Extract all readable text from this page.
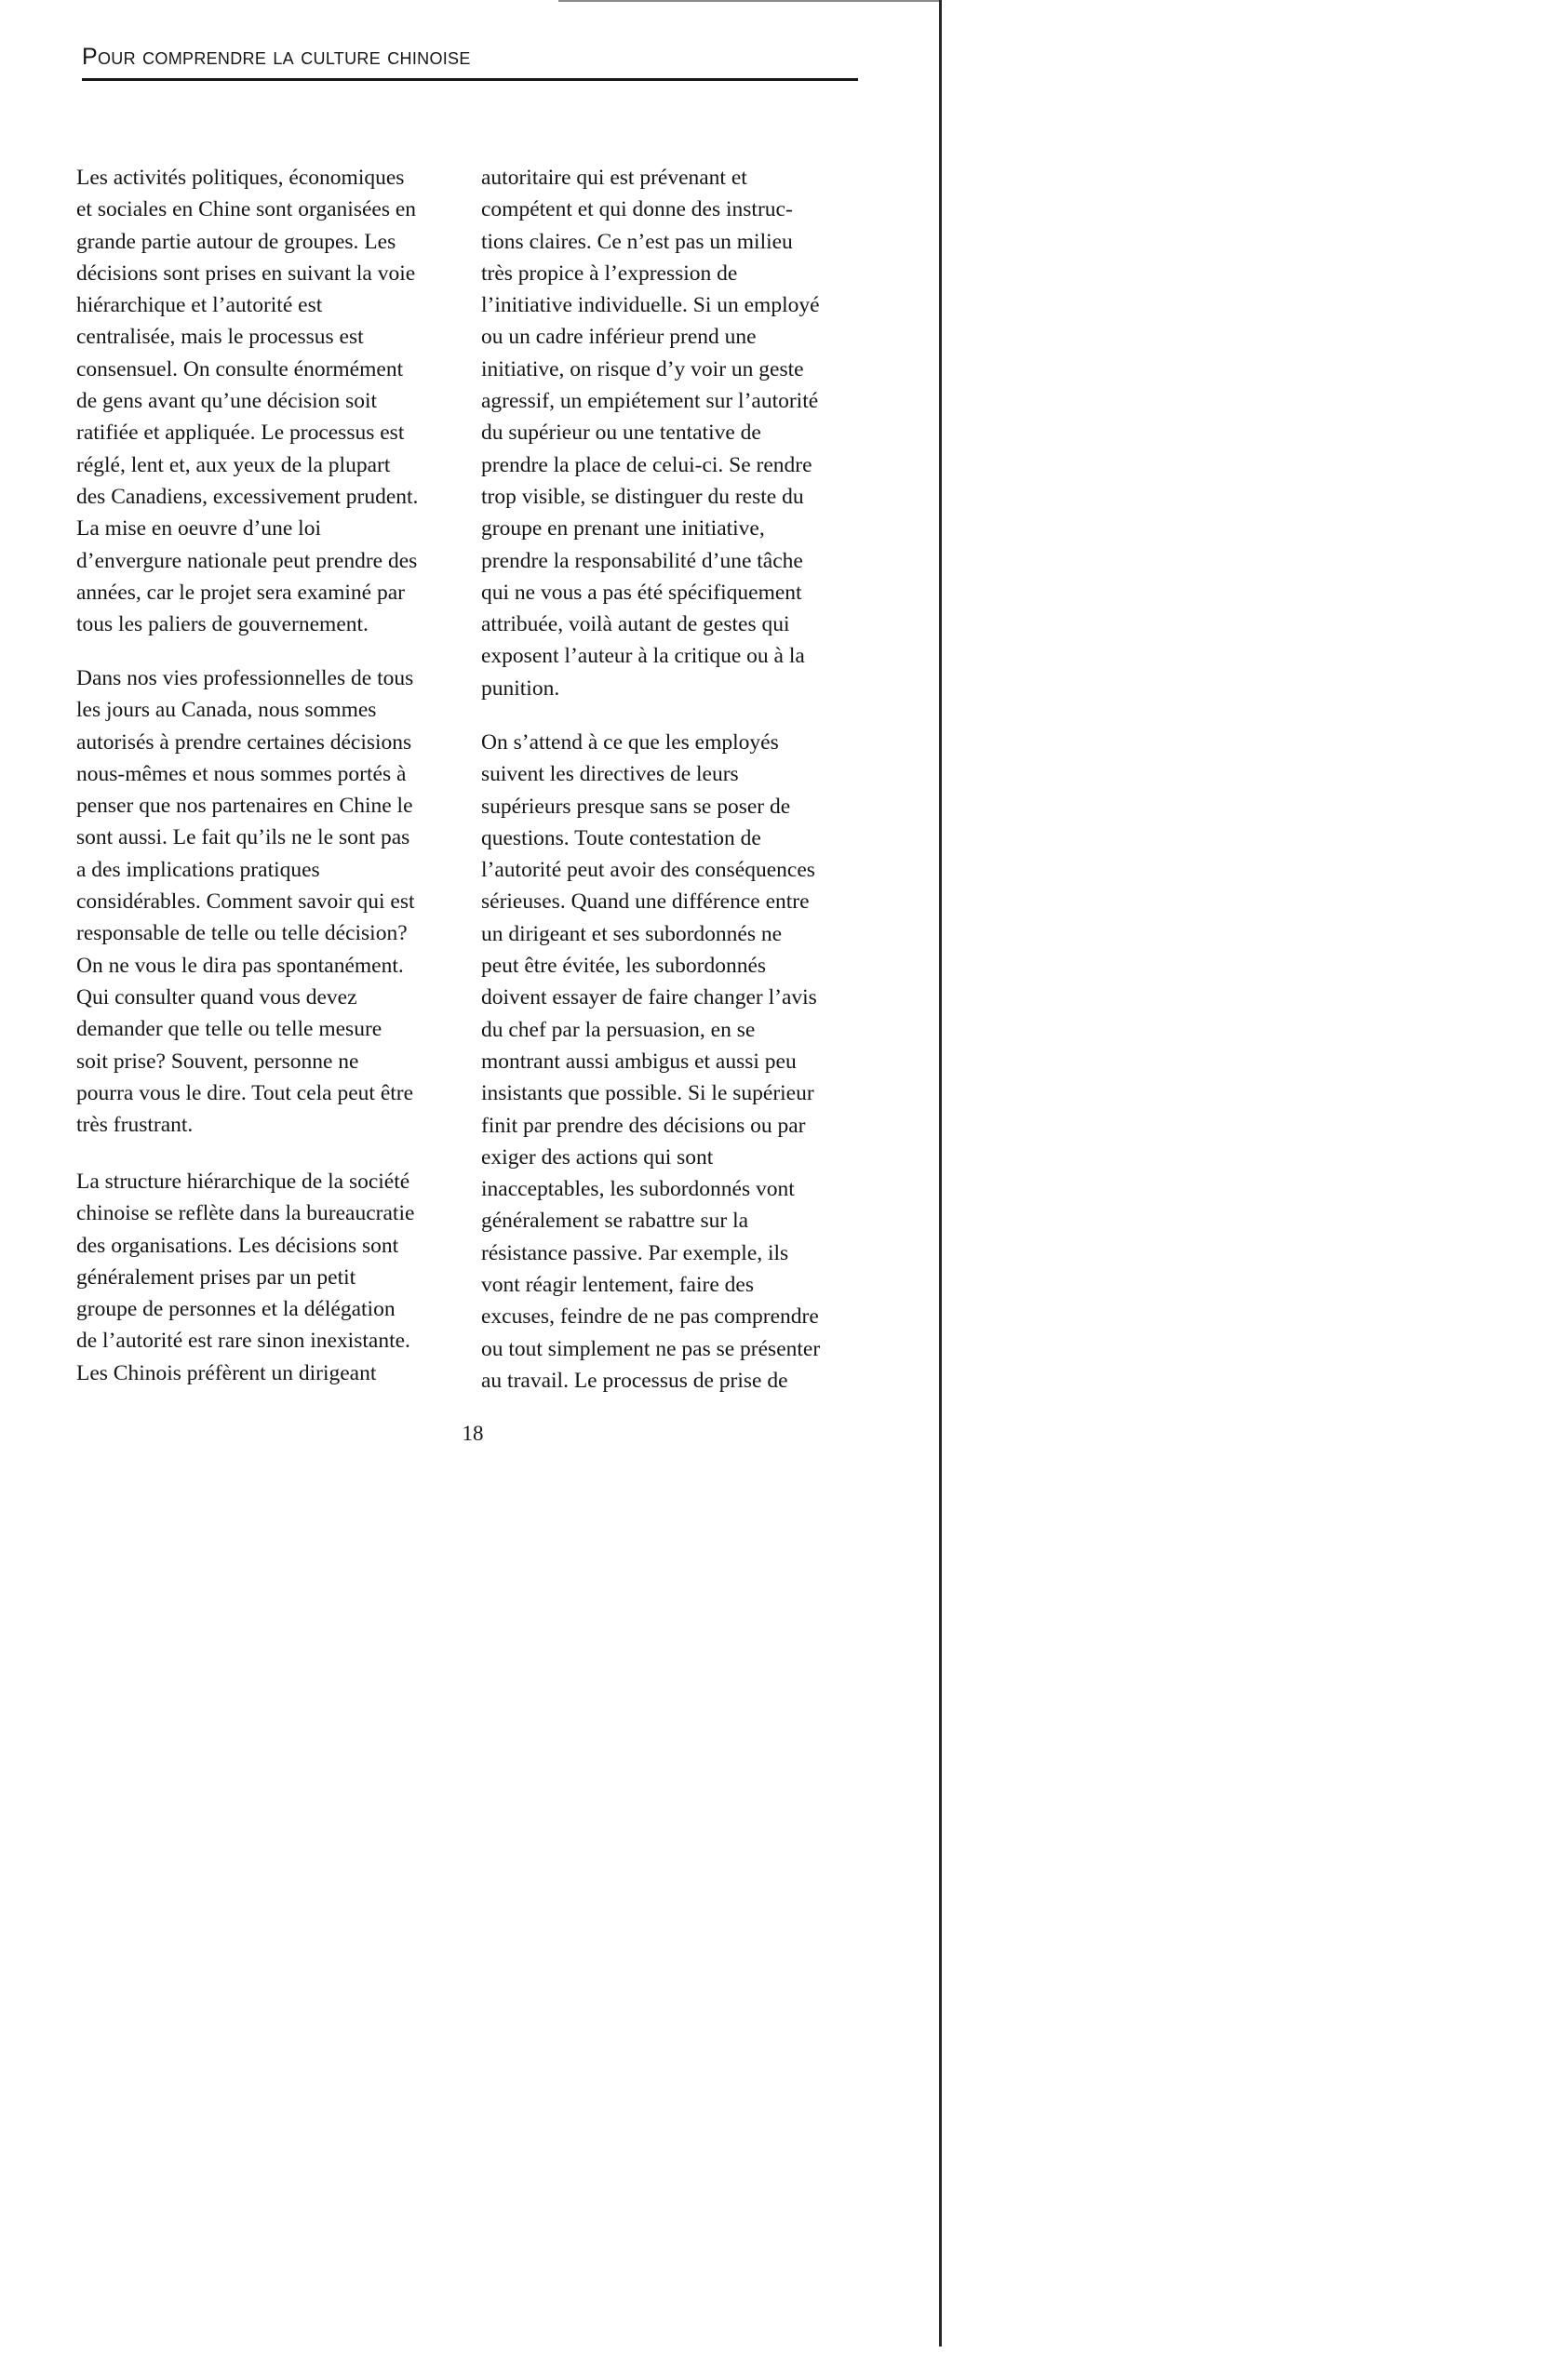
Pour comprendre la culture chinoise

Les activités politiques, économiques
et sociales en Chine sont organisées en
grande partie autour de groupes. Les
décisions sont prises en suivant la voie
hiérarchique et l’autorité est
centralisée, mais le processus est
consensuel. On consulte énormément
de gens avant qu’une décision soit
ratifiée et appliquée. Le processus est
réglé, lent et, aux yeux de la plupart
des Canadiens, excessivement prudent.
La mise en oeuvre d’une loi
d’envergure nationale peut prendre des
années, car le projet sera examiné par
tous les paliers de gouvernement.

Dans nos vies professionnelles de tous
les jours au Canada, nous sommes
autorisés à prendre certaines décisions
nous-mêmes et nous sommes portés à
penser que nos partenaires en Chine le
sont aussi. Le fait qu’ils ne le sont pas
a des implications pratiques
considérables. Comment savoir qui est
responsable de telle ou telle décision?
On ne vous le dira pas spontanément.
Qui consulter quand vous devez
demander que telle ou telle mesure
soit prise? Souvent, personne ne
pourra vous le dire. Tout cela peut être
très frustrant.

La structure hiérarchique de la société
chinoise se reflète dans la bureaucratie
des organisations. Les décisions sont
généralement prises par un petit
groupe de personnes et la délégation
de l’autorité est rare sinon inexistante.
Les Chinois préfèrent un dirigeant

autoritaire qui est prévenant et
compétent et qui donne des instruc-
tions claires. Ce n’est pas un milieu
très propice à l’expression de
l’initiative individuelle. Si un employé
ou un cadre inférieur prend une
initiative, on risque d’y voir un geste
agressif, un empiétement sur l’autorité
du supérieur ou une tentative de
prendre la place de celui-ci. Se rendre
trop visible, se distinguer du reste du
groupe en prenant une initiative,
prendre la responsabilité d’une tâche
qui ne vous a pas été spécifiquement
attribuée, voilà autant de gestes qui
exposent l’auteur à la critique ou à la
punition.

On s’attend à ce que les employés
suivent les directives de leurs
supérieurs presque sans se poser de
questions. Toute contestation de
l’autorité peut avoir des conséquences
sérieuses. Quand une différence entre
un dirigeant et ses subordonnés ne
peut être évitée, les subordonnés
doivent essayer de faire changer l’avis
du chef par la persuasion, en se
montrant aussi ambigus et aussi peu
insistants que possible. Si le supérieur
finit par prendre des décisions ou par
exiger des actions qui sont
inacceptables, les subordonnés vont
généralement se rabattre sur la
résistance passive. Par exemple, ils
vont réagir lentement, faire des
excuses, feindre de ne pas comprendre
ou tout simplement ne pas se présenter
au travail. Le processus de prise de

18
